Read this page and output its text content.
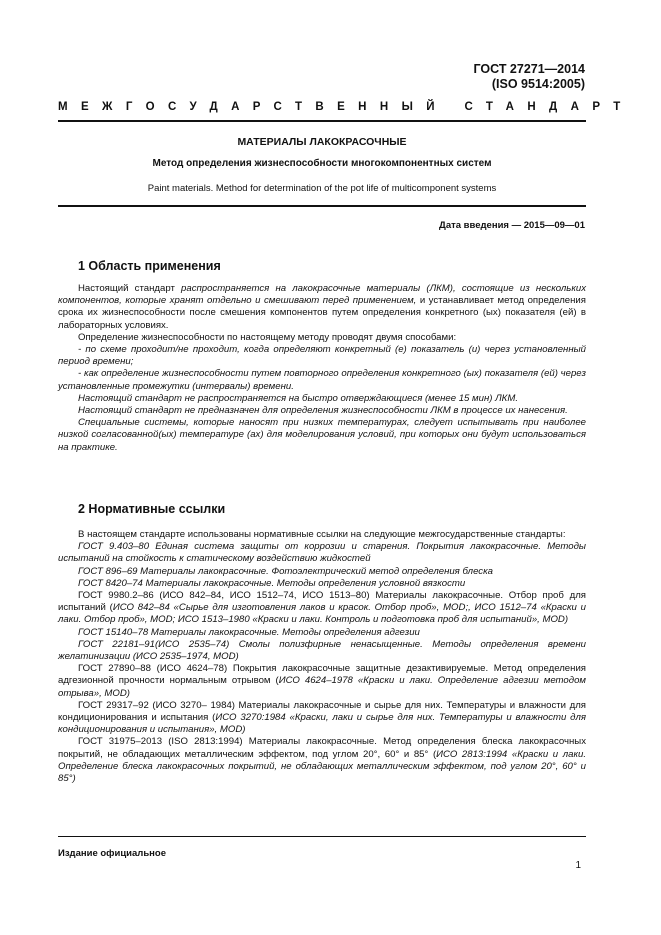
ГОСТ 27271—2014
(ISO 9514:2005)
МЕЖГОСУДАРСТВЕННЫЙ СТАНДАРТ
МАТЕРИАЛЫ ЛАКОКРАСОЧНЫЕ
Метод определения жизнеспособности многокомпонентных систем
Paint materials. Method for determination of the pot life of multicomponent systems
Дата введения — 2015—09—01
1 Область применения

Настоящий стандарт распространяется на лакокрасочные материалы (ЛКМ), состоящие из нескольких компонентов, которые хранят отдельно и смешивают перед применением, и устанавливает метод определения срока их жизнеспособности после смешения компонентов путем определения конкретного (ых) показателя (ей) в лабораторных условиях.

Определение жизнеспособности по настоящему методу проводят двумя способами:

- по схеме проходит/не проходит, когда определяют конкретный (е) показатель (и) через установленный период времени;

- как определение жизнеспособности путем повторного определения конкретного (ых) показателя (ей) через установленные промежутки (интервалы) времени.

Настоящий стандарт не распространяется на быстро отверждающиеся (менее 15 мин) ЛКМ.

Настоящий стандарт не предназначен для определения жизнеспособности ЛКМ в процессе их нанесения.

Специальные системы, которые наносят при низких температурах, следует испытывать при наиболее низкой согласованной(ых) температуре (ах) для моделирования условий, при которых они будут использоваться на практике.

2 Нормативные ссылки

В настоящем стандарте использованы нормативные ссылки на следующие межгосударственные стандарты:

ГОСТ 9.403–80 Единая система защиты от коррозии и старения. Покрытия лакокрасочные. Методы испытаний на стойкость к статическому воздействию жидкостей

ГОСТ 896–69 Материалы лакокрасочные. Фотоэлектрический метод определения блеска

ГОСТ 8420–74 Материалы лакокрасочные. Методы определения условной вязкости

ГОСТ 9980.2–86 (ИСО 842–84, ИСО 1512–74, ИСО 1513–80) Материалы лакокрасочные. Отбор проб для испытаний (ИСО 842–84 «Сырье для изготовления лаков и красок. Отбор проб», MOD;, ИСО 1512–74 «Краски и лаки. Отбор проб», MOD; ИСО 1513–1980 «Краски и лаки. Контроль и подготовка проб для испытаний», MOD)

ГОСТ 15140–78 Материалы лакокрасочные. Методы определения адгезии

ГОСТ 22181–91(ИСО 2535–74) Смолы полизфирные ненасыщенные. Методы определения времени желатинизации (ИСО 2535–1974, MOD)

ГОСТ 27890–88 (ИСО 4624–78) Покрытия лакокрасочные защитные дезактивируемые. Метод определения адгезионной прочности нормальным отрывом (ИСО 4624–1978 «Краски и лаки. Определение адгезии методом отрыва», MOD)

ГОСТ 29317–92 (ИСО 3270– 1984) Материалы лакокрасочные и сырье для них. Температуры и влажности для кондиционирования и испытания (ИСО 3270:1984 «Краски, лаки и сырье для них. Температуры и влажности для кондиционирования и испытания», MOD)

ГОСТ 31975–2013 (ISO 2813:1994) Материалы лакокрасочные. Метод определения блеска лакокрасочных покрытий, не обладающих металлическим эффектом, под углом 20°, 60° и 85° (ИСО 2813:1994 «Краски и лаки. Определение блеска лакокрасочных покрытий, не обладающих металлическим эффектом, под углом 20°, 60° и 85°)

Издание официальное
1
